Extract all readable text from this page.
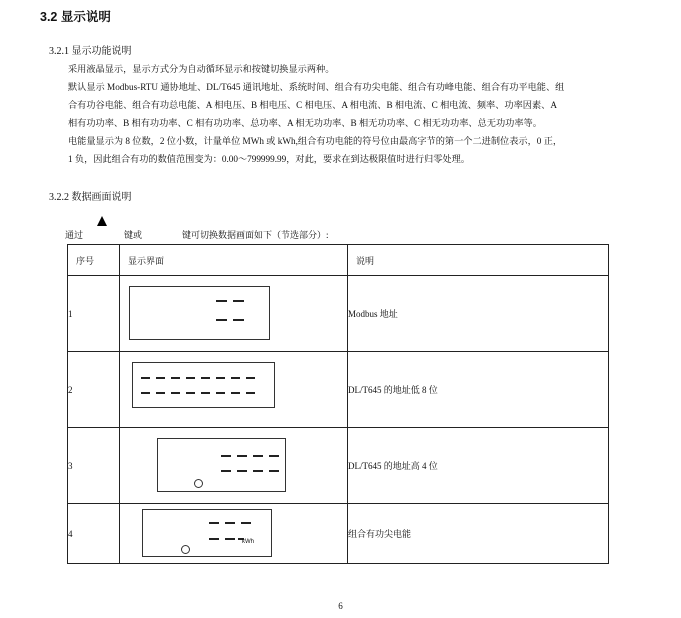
3.2 显示说明
3.2.1 显示功能说明
采用液晶显示，显示方式分为自动循环显示和按键切换显示两种。
默认显示 Modbus-RTU 通协地址、DL/T645 通讯地址、系统时间、组合有功尖电能、组合有功峰电能、组合有功平电能、组
合有功谷电能、组合有功总电能、A 相电压、B 相电压、C 相电压、A 相电流、B 相电流、C 相电流、频率、功率因素、A
相有功功率、B 相有功功率、C 相有功功率、总功率、A 相无功功率、B 相无功功率、C 相无功功率、总无功功率等。
电能量显示为 8 位数，2 位小数，计量单位 MWh 或 kWh,组合有功电能的符号位由最高字节的第一个二进制位表示，0 正，
1 负，因此组合有功的数值范围变为：0.00～799999.99，对此，要求在到达极限值时进行归零处理。
3.2.2 数据画面说明
通过	键或	键可切换数据画面如下（节选部分）:
序号	显示界面	说明
1		Modbus 地址
2		DL/T645 的地址低 8 位
3		DL/T645 的地址高 4 位
4	kWh	组合有功尖电能
6
